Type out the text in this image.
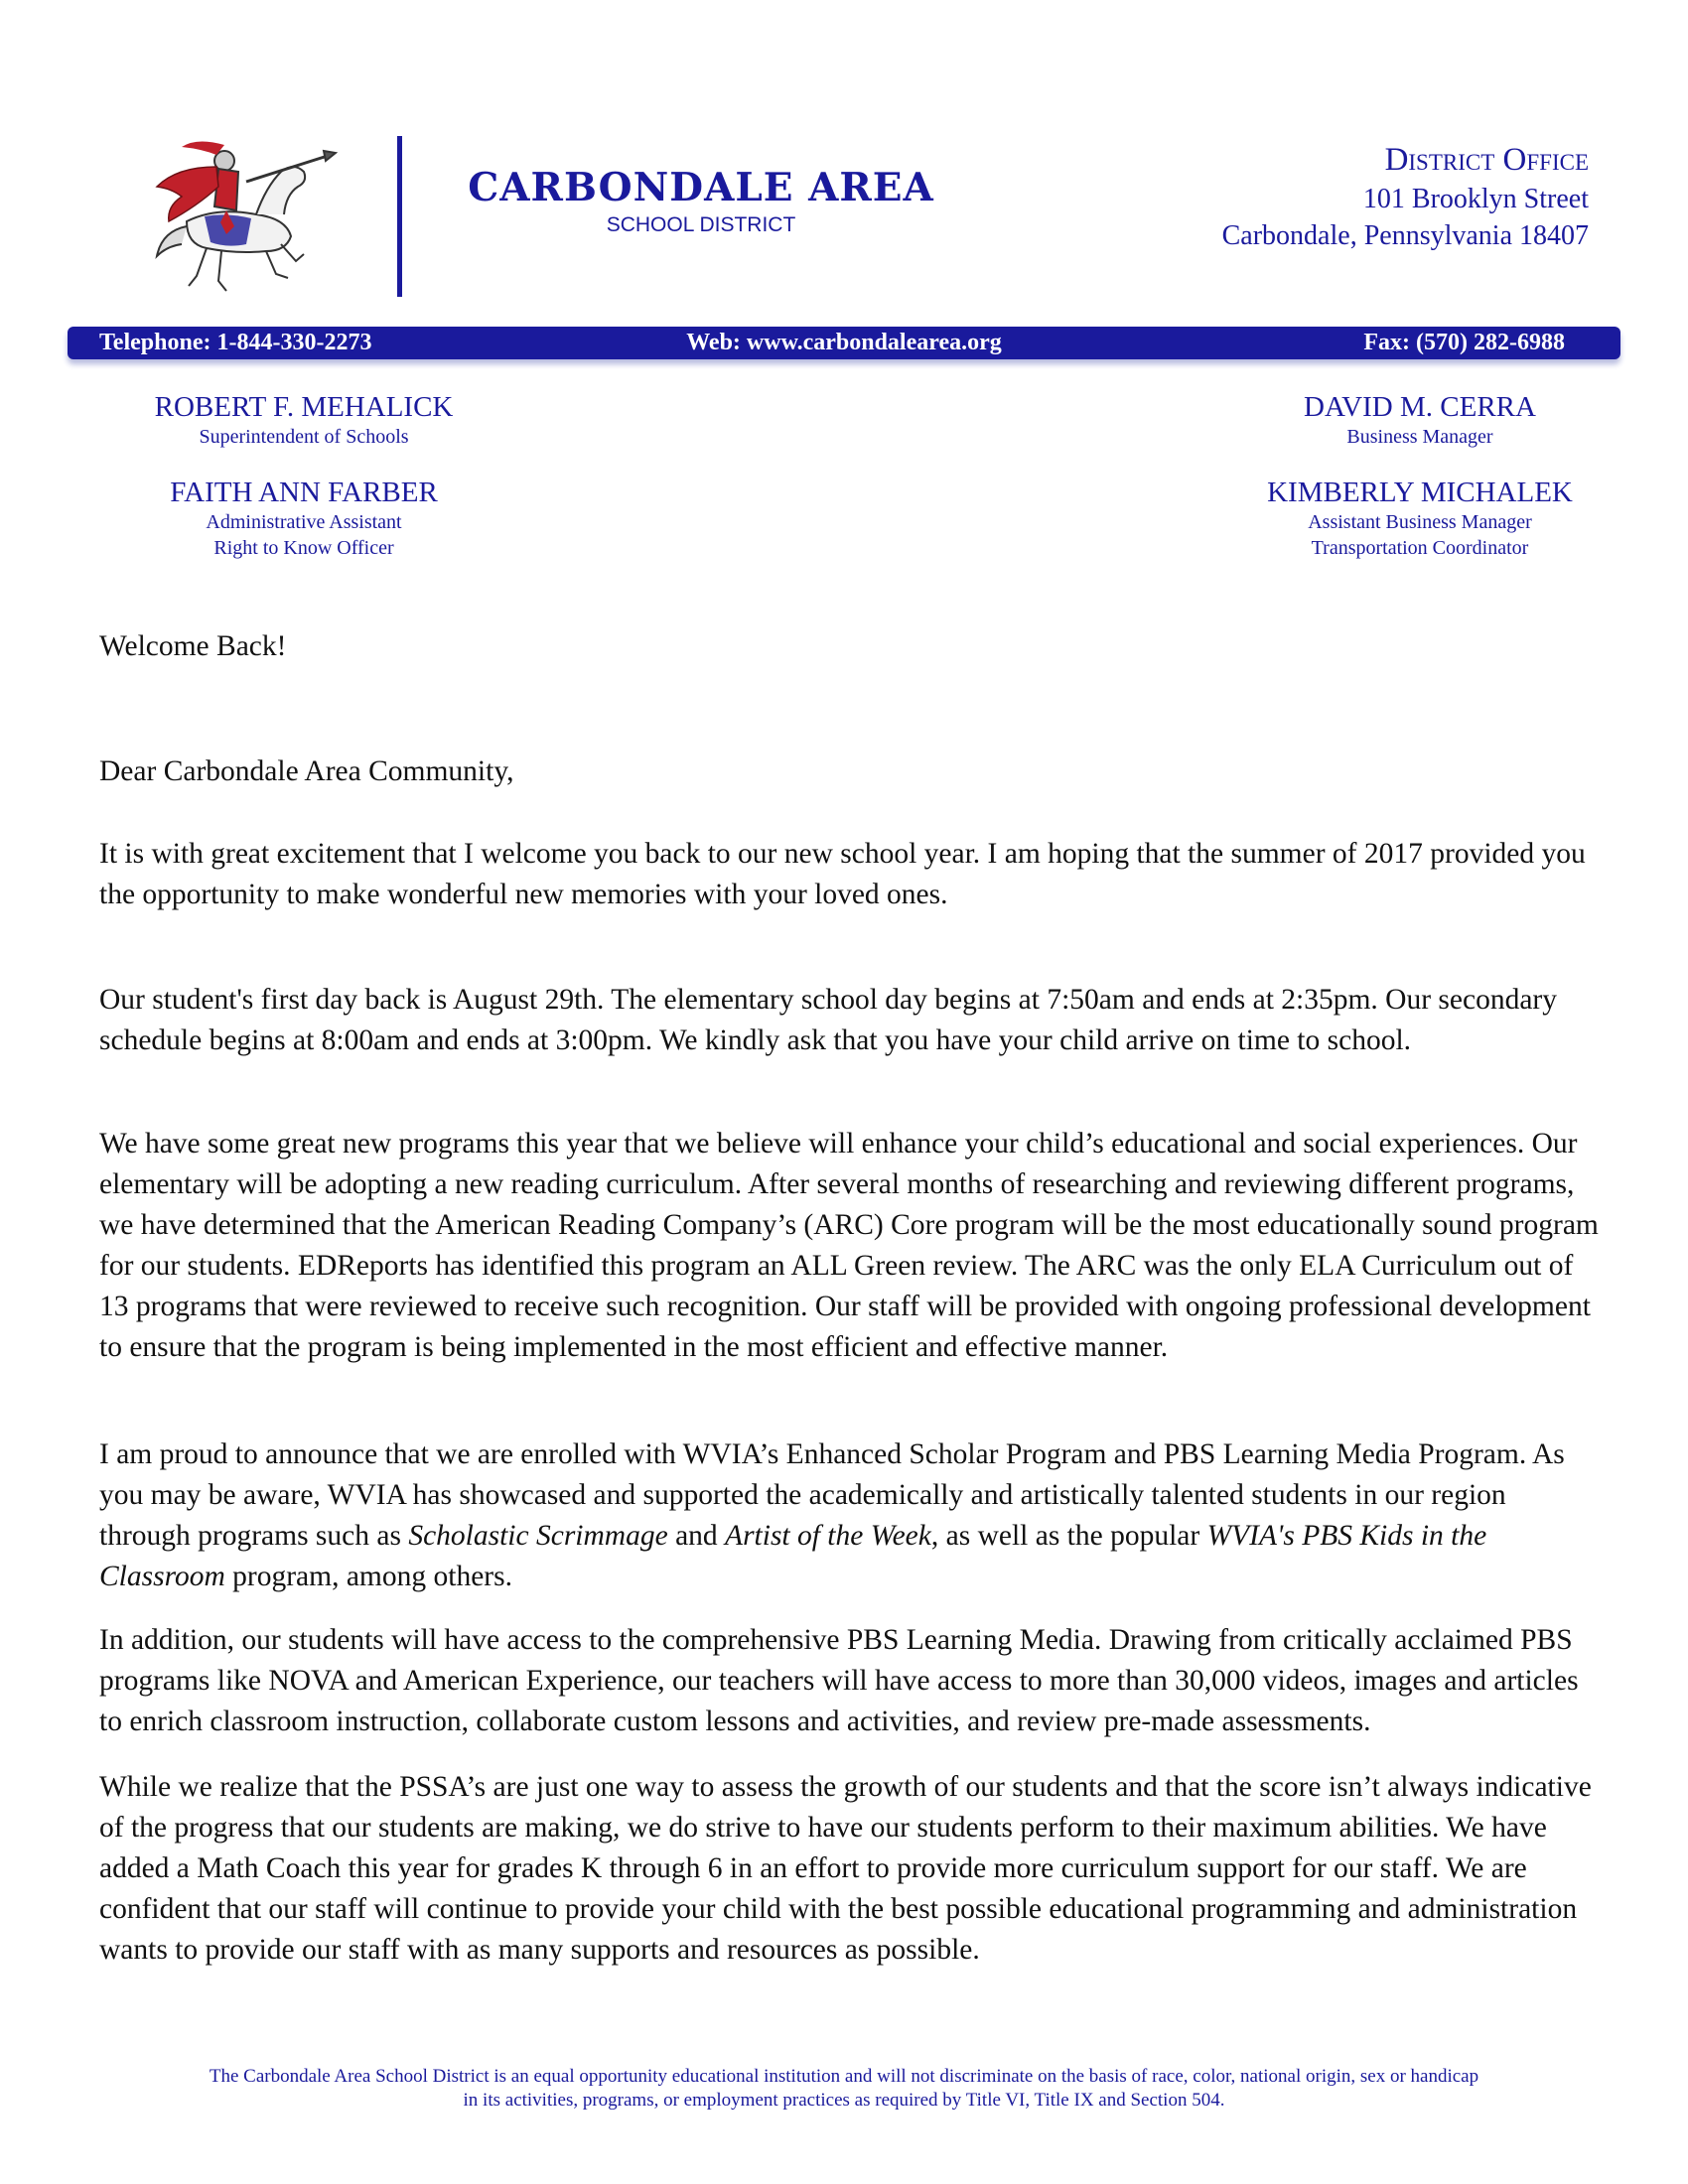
CARBONDALE AREA
SCHOOL DISTRICT
District Office
101 Brooklyn Street
Carbondale, Pennsylvania 18407
Telephone: 1-844-330-2273	Web: www.carbondalearea.org	Fax: (570) 282-6988
ROBERT F. MEHALICK
Superintendent of Schools
DAVID M. CERRA
Business Manager
FAITH ANN FARBER
Administrative Assistant
Right to Know Officer
KIMBERLY MICHALEK
Assistant Business Manager
Transportation Coordinator
Welcome Back!
Dear Carbondale Area Community,
It is with great excitement that I welcome you back to our new school year. I am hoping that the summer of 2017 provided you the opportunity to make wonderful new memories with your loved ones.
Our student's first day back is August 29th. The elementary school day begins at 7:50am and ends at 2:35pm. Our secondary schedule begins at 8:00am and ends at 3:00pm. We kindly ask that you have your child arrive on time to school.
We have some great new programs this year that we believe will enhance your child’s educational and social experiences. Our elementary will be adopting a new reading curriculum. After several months of researching and reviewing different programs, we have determined that the American Reading Company’s (ARC) Core program will be the most educationally sound program for our students. EDReports has identified this program an ALL Green review. The ARC was the only ELA Curriculum out of 13 programs that were reviewed to receive such recognition. Our staff will be provided with ongoing professional development to ensure that the program is being implemented in the most efficient and effective manner.
I am proud to announce that we are enrolled with WVIA’s Enhanced Scholar Program and PBS Learning Media Program. As you may be aware, WVIA has showcased and supported the academically and artistically talented students in our region through programs such as Scholastic Scrimmage and Artist of the Week, as well as the popular WVIA's PBS Kids in the Classroom program, among others.
In addition, our students will have access to the comprehensive PBS Learning Media. Drawing from critically acclaimed PBS programs like NOVA and American Experience, our teachers will have access to more than 30,000 videos, images and articles to enrich classroom instruction, collaborate custom lessons and activities, and review pre-made assessments.
While we realize that the PSSA’s are just one way to assess the growth of our students and that the score isn’t always indicative of the progress that our students are making, we do strive to have our students perform to their maximum abilities. We have added a Math Coach this year for grades K through 6 in an effort to provide more curriculum support for our staff. We are confident that our staff will continue to provide your child with the best possible educational programming and administration wants to provide our staff with as many supports and resources as possible.
The Carbondale Area School District is an equal opportunity educational institution and will not discriminate on the basis of race, color, national origin, sex or handicap
in its activities, programs, or employment practices as required by Title VI, Title IX and Section 504.
